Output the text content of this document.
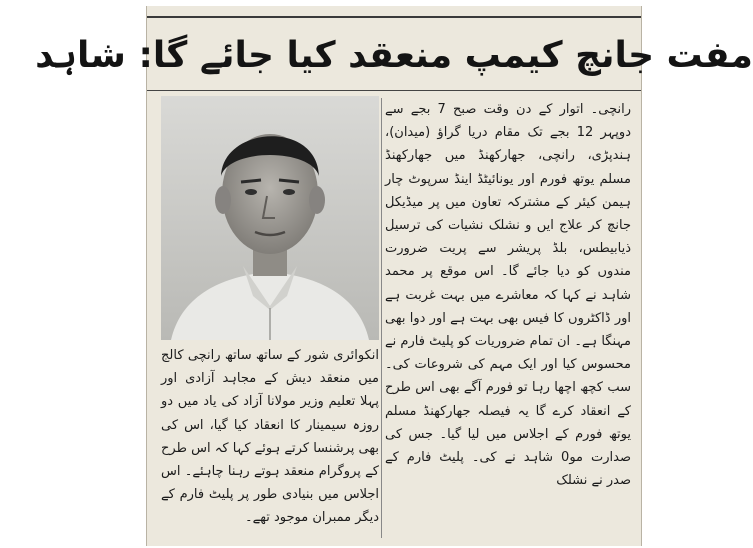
مفت جانچ کیمپ منعقد کیا جائے گا: شاہد
رانچی۔ اتوار کے دن وقت صبح 7 بجے سے دوپہر 12 بجے تک مقام دریا گراؤ (میدان)، ہندپڑی، رانچی، جھارکھنڈ میں جھارکھنڈ مسلم یوتھ فورم اور یونائیٹڈ اینڈ سرپوٹ چار ہیمن کیئر کے مشترکہ تعاون میں پر میڈیکل جانچ کر علاج ایں و نشلک نشیات کی ترسیل ذیابیطس، بلڈ پریشر سے پریت ضرورت مندوں کو دیا جائے گا۔ اس موقع پر محمد شاہد نے کہا کہ معاشرے میں بہت غربت ہے اور ڈاکٹروں کا فیس بھی بہت ہے اور دوا بھی مہنگا ہے۔ ان تمام ضروریات کو پلیٹ فارم نے محسوس کیا اور ایک مہم کی شروعات کی۔ سب کچھ اچھا رہا تو فورم آگے بھی اس طرح کے انعقاد کرے گا یہ فیصلہ جھارکھنڈ مسلم یوتھ فورم کے اجلاس میں لیا گیا۔ جس کی صدارت مو0 شاہد نے کی۔ پلیٹ فارم کے صدر نے نشلک
انکوائری شور کے ساتھ ساتھ رانچی کالج میں منعقد دیش کے مجاہد آزادی اور پہلا تعلیم وزیر مولانا آزاد کی یاد میں دو روزہ سیمینار کا انعقاد کیا گیا، اس کی بھی پرشنسا کرتے ہوئے کہا کہ اس طرح کے پروگرام منعقد ہوتے رہنا چاہئے۔ اس اجلاس میں بنیادی طور پر پلیٹ فارم کے دیگر ممبران موجود تھے۔
